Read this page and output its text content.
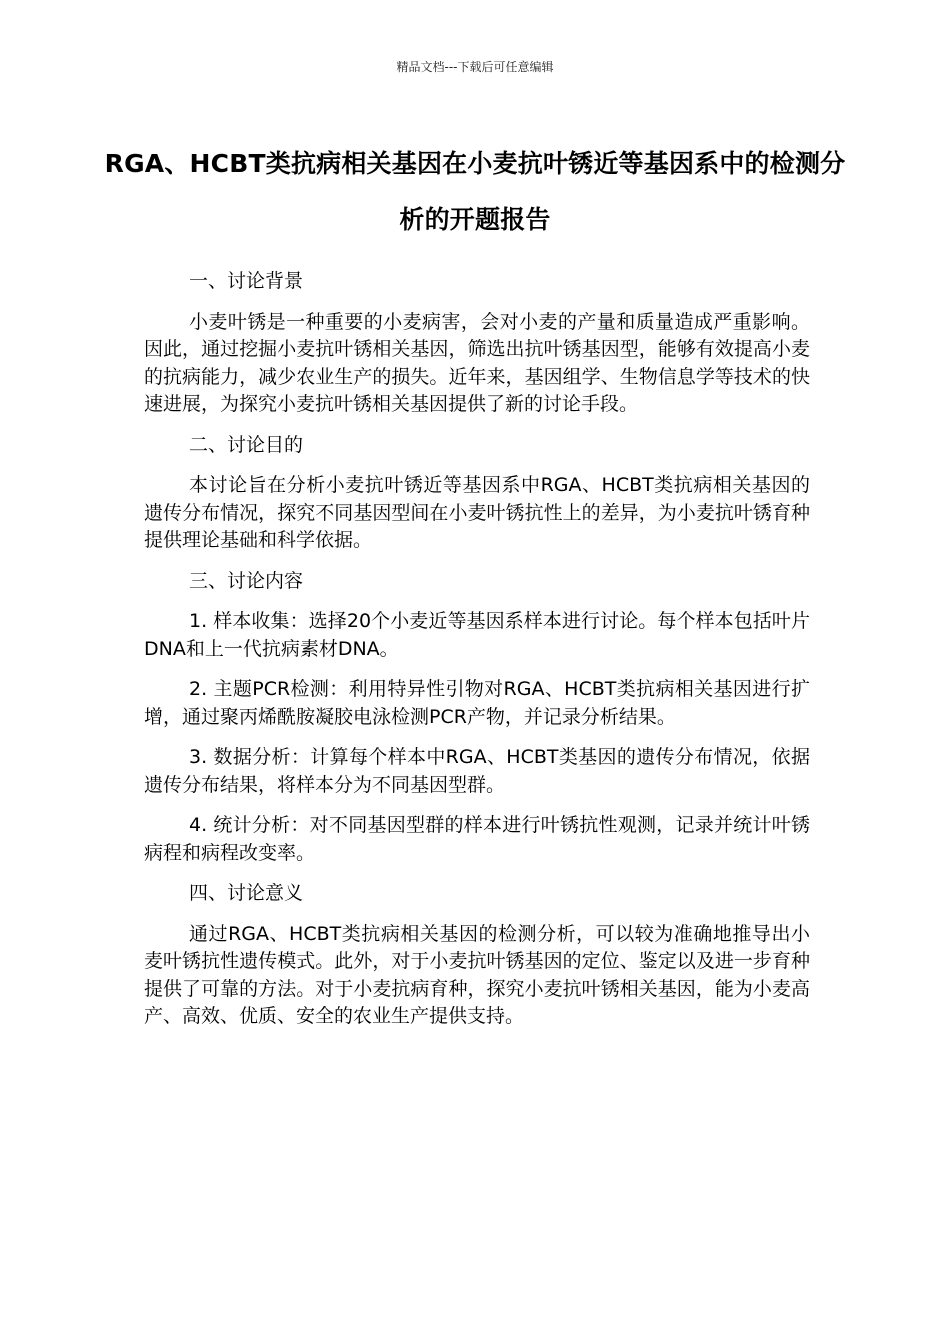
精品文档---下载后可任意编辑
RGA、HCBT类抗病相关基因在小麦抗叶锈近等基因系中的检测分析的开题报告

一、讨论背景

小麦叶锈是一种重要的小麦病害，会对小麦的产量和质量造成严重影响。因此，通过挖掘小麦抗叶锈相关基因，筛选出抗叶锈基因型，能够有效提高小麦的抗病能力，减少农业生产的损失。近年来，基因组学、生物信息学等技术的快速进展，为探究小麦抗叶锈相关基因提供了新的讨论手段。

二、讨论目的

本讨论旨在分析小麦抗叶锈近等基因系中RGA、HCBT类抗病相关基因的遗传分布情况，探究不同基因型间在小麦叶锈抗性上的差异，为小麦抗叶锈育种提供理论基础和科学依据。

三、讨论内容

1. 样本收集：选择20个小麦近等基因系样本进行讨论。每个样本包括叶片DNA和上一代抗病素材DNA。

2. 主题PCR检测：利用特异性引物对RGA、HCBT类抗病相关基因进行扩增，通过聚丙烯酰胺凝胶电泳检测PCR产物，并记录分析结果。

3. 数据分析：计算每个样本中RGA、HCBT类基因的遗传分布情况，依据遗传分布结果，将样本分为不同基因型群。

4. 统计分析：对不同基因型群的样本进行叶锈抗性观测，记录并统计叶锈病程和病程改变率。

四、讨论意义

通过RGA、HCBT类抗病相关基因的检测分析，可以较为准确地推导出小麦叶锈抗性遗传模式。此外，对于小麦抗叶锈基因的定位、鉴定以及进一步育种提供了可靠的方法。对于小麦抗病育种，探究小麦抗叶锈相关基因，能为小麦高产、高效、优质、安全的农业生产提供支持。
